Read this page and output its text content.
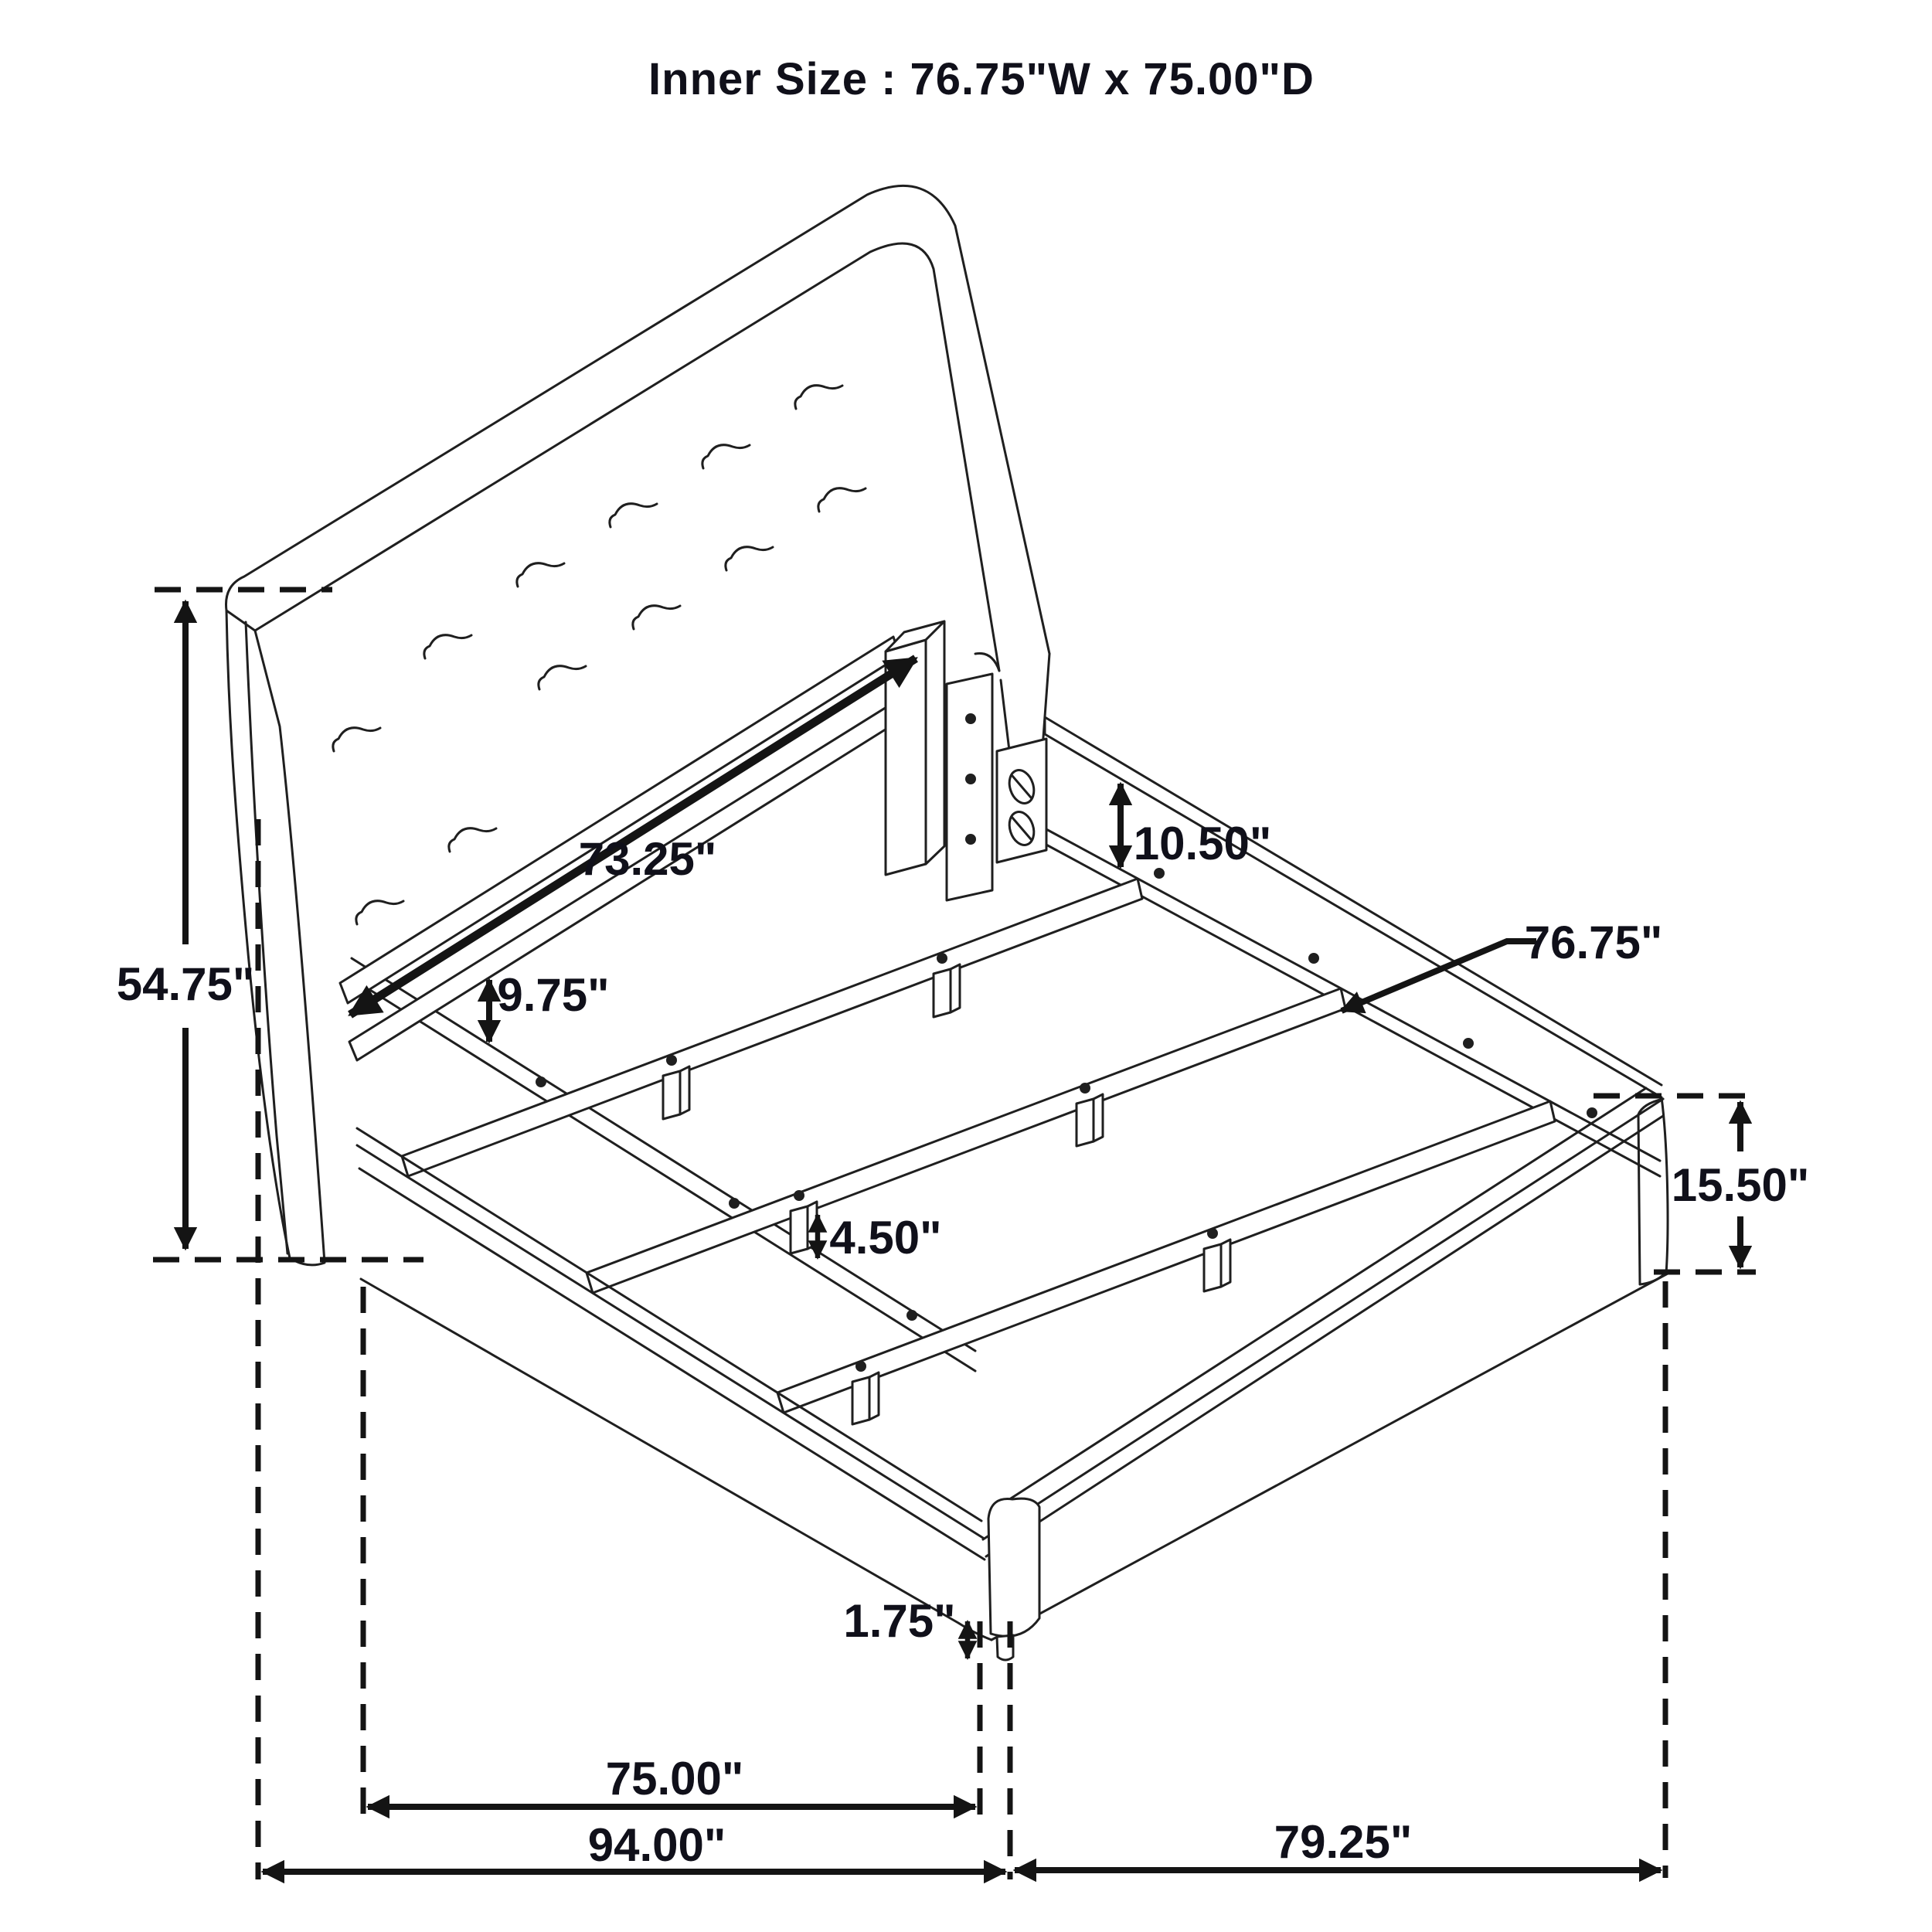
Inner Size : 76.75"W x 75.00"D
73.25"	10.50"
76.75"
9.75"
54.75"
15.50"
4.50"
1.75"
75.00"
94.00"	79.25"
